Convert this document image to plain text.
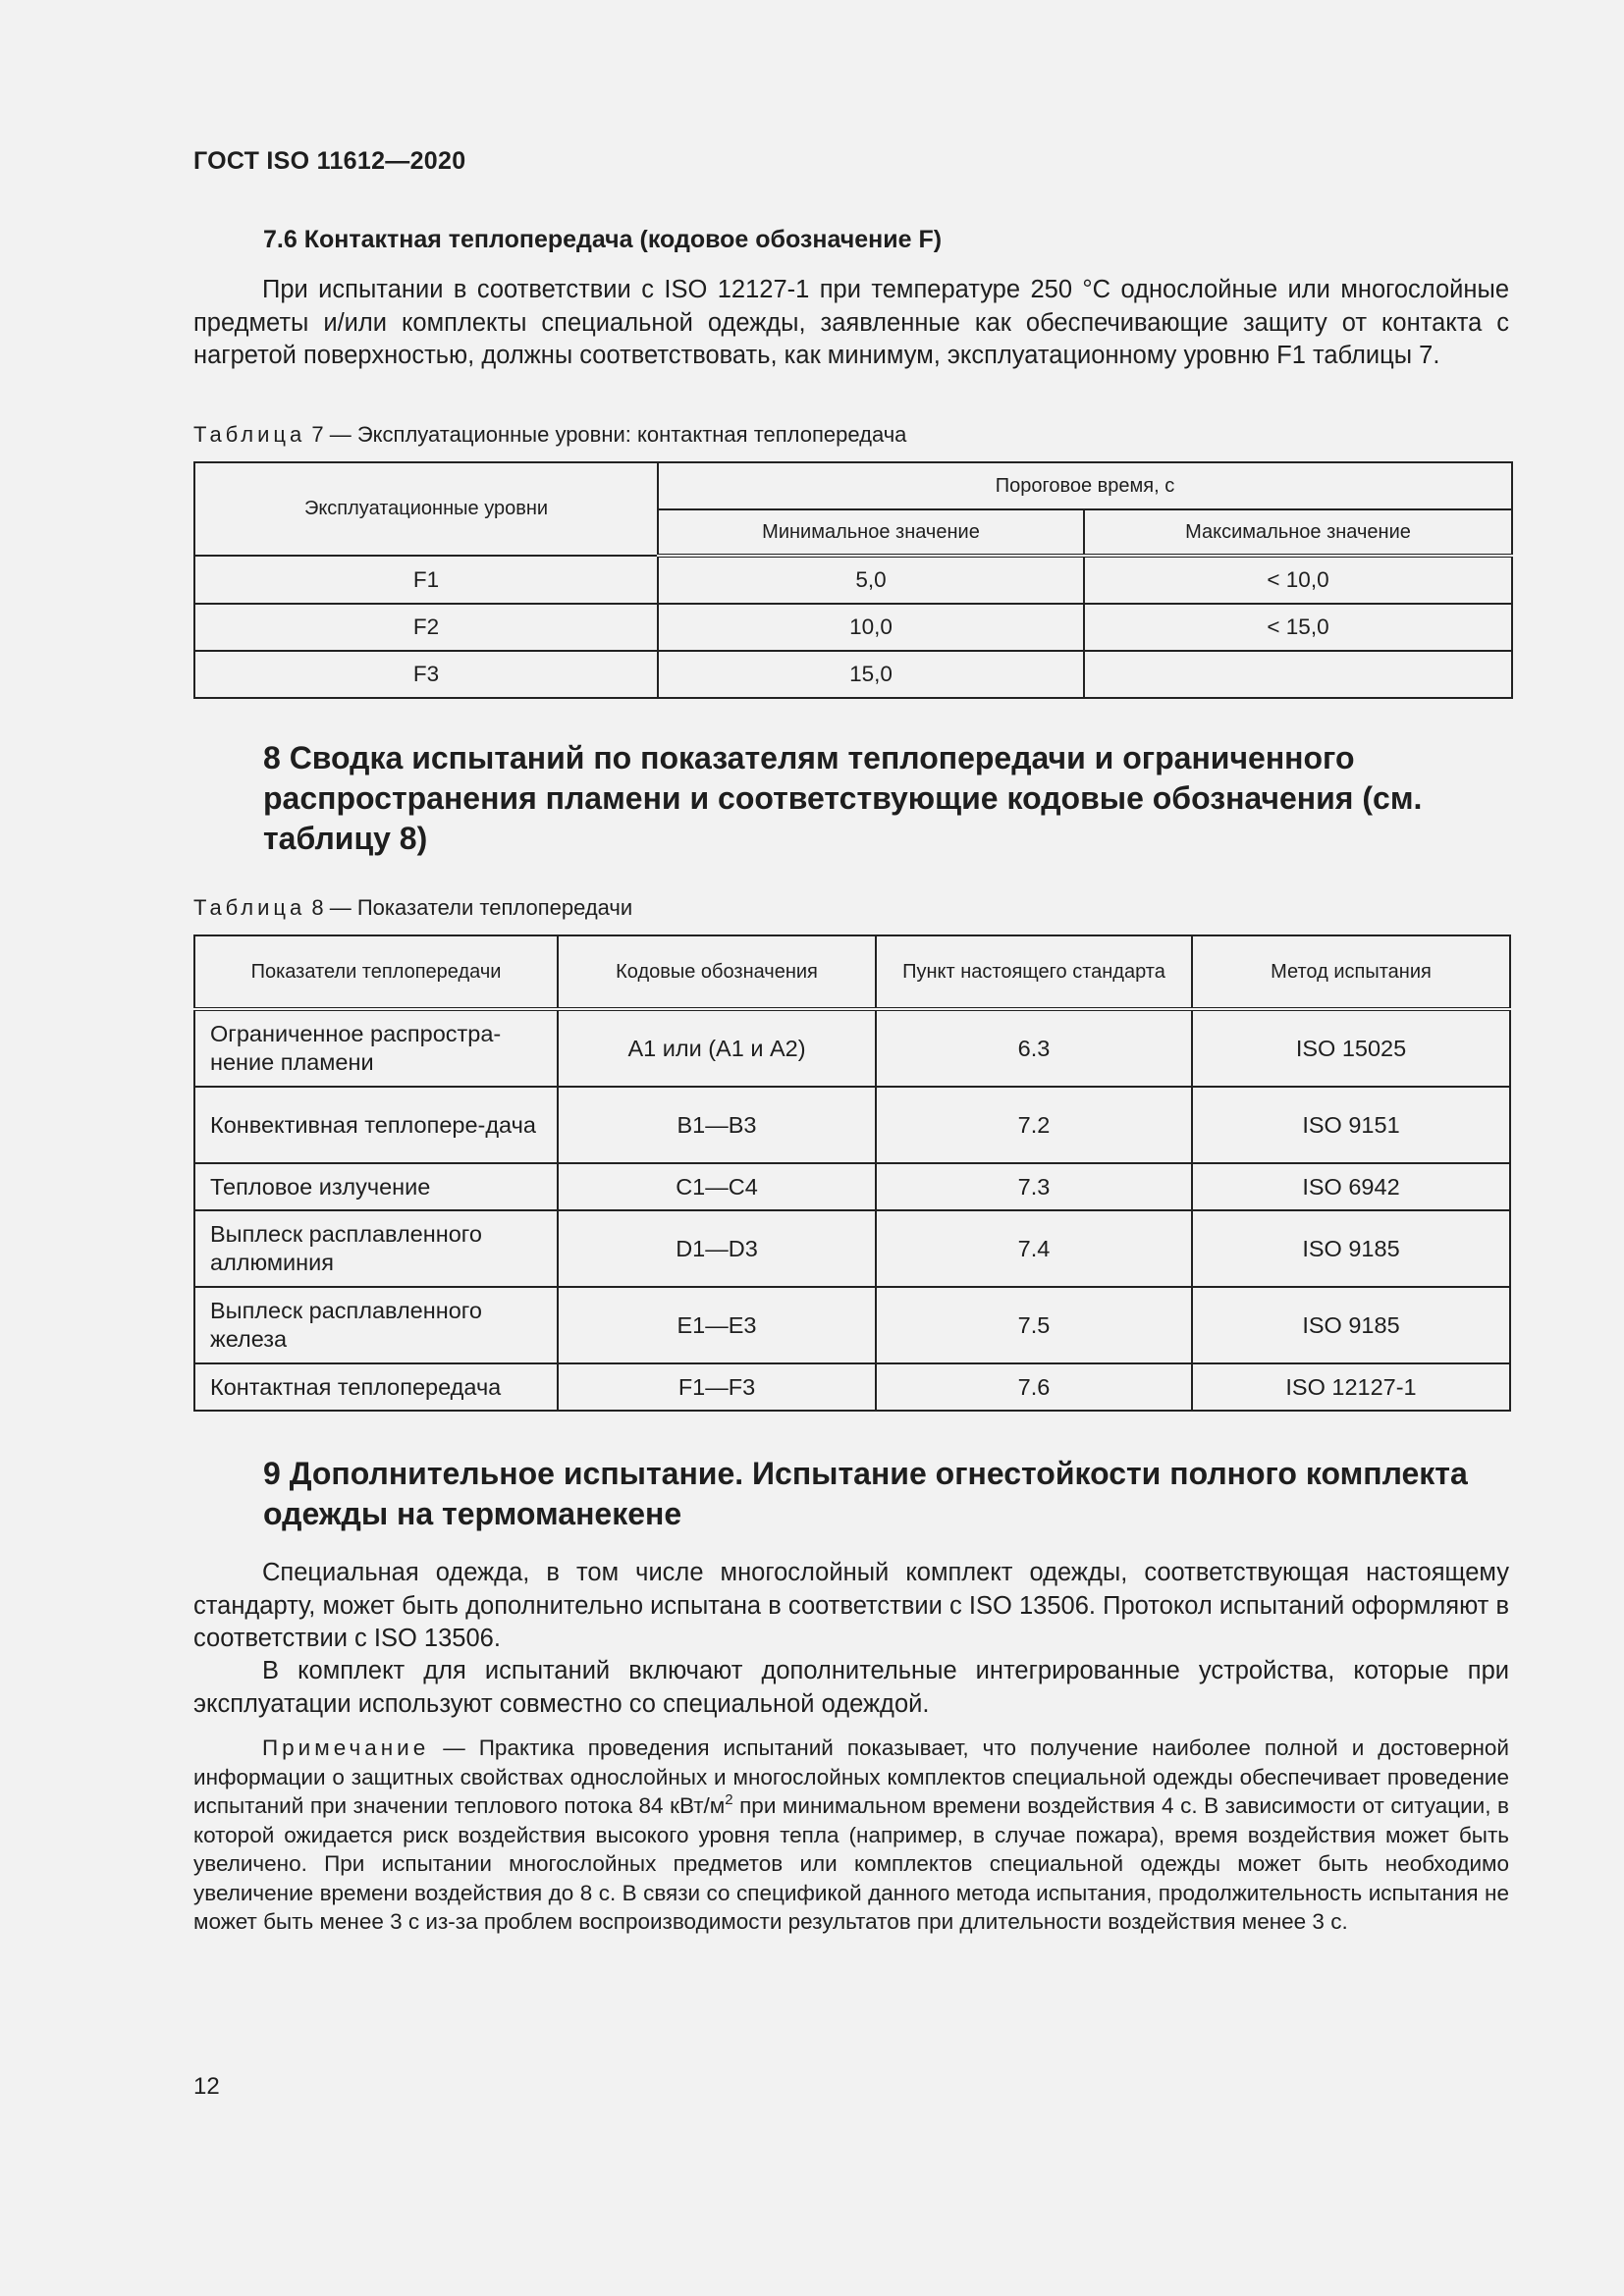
ГОСТ ISO 11612—2020
7.6 Контактная теплопередача (кодовое обозначение F)
При испытании в соответствии с ISO 12127-1 при температуре 250 °С однослойные или многослойные предметы и/или комплекты специальной одежды, заявленные как обеспечивающие защиту от контакта с нагретой поверхностью, должны соответствовать, как минимум, эксплуатационному уровню F1 таблицы 7.
Таблица 7 — Эксплуатационные уровни: контактная теплопередача
Эксплуатационные уровни	Пороговое время, с	
	Минимальное значение	Максимальное значение
F1	5,0	< 10,0
F2	10,0	< 15,0
F3	15,0	
8 Сводка испытаний по показателям теплопередачи и ограниченного распространения пламени и соответствующие кодовые обозначения (см. таблицу 8)
Таблица 8 — Показатели теплопередачи
Показатели теплопередачи	Кодовые обозначения	Пункт настоящего стандарта	Метод испытания
Ограниченное распростра-нение пламени	А1 или (А1 и А2)	6.3	ISO 15025
Конвективная теплопере-дача	В1—В3	7.2	ISO 9151
Тепловое излучение	С1—С4	7.3	ISO 6942
Выплеск расплавленного аллюминия	D1—D3	7.4	ISO 9185
Выплеск расплавленного железа	Е1—Е3	7.5	ISO 9185
Контактная теплопередача	F1—F3	7.6	ISO 12127-1
9 Дополнительное испытание. Испытание огнестойкости полного комплекта одежды на термоманекене
Специальная одежда, в том числе многослойный комплект одежды, соответствующая настоящему стандарту, может быть дополнительно испытана в соответствии с ISO 13506. Протокол испытаний оформляют в соответствии с ISO 13506.
В комплект для испытаний включают дополнительные интегрированные устройства, которые при эксплуатации используют совместно со специальной одеждой.
Примечание — Практика проведения испытаний показывает, что получение наиболее полной и достоверной информации о защитных свойствах однослойных и многослойных комплектов специальной одежды обеспечивает проведение испытаний при значении теплового потока 84 кВт/$м^2$ при минимальном времени воздействия 4 с. В зависимости от ситуации, в которой ожидается риск воздействия высокого уровня тепла (например, в случае пожара), время воздействия может быть увеличено. При испытании многослойных предметов или комплектов специальной одежды может быть необходимо увеличение времени воздействия до 8 с. В связи со спецификой данного метода испытания, продолжительность испытания не может быть менее 3 с из-за проблем воспроизводимости результатов при длительности воздействия менее 3 с.
12
